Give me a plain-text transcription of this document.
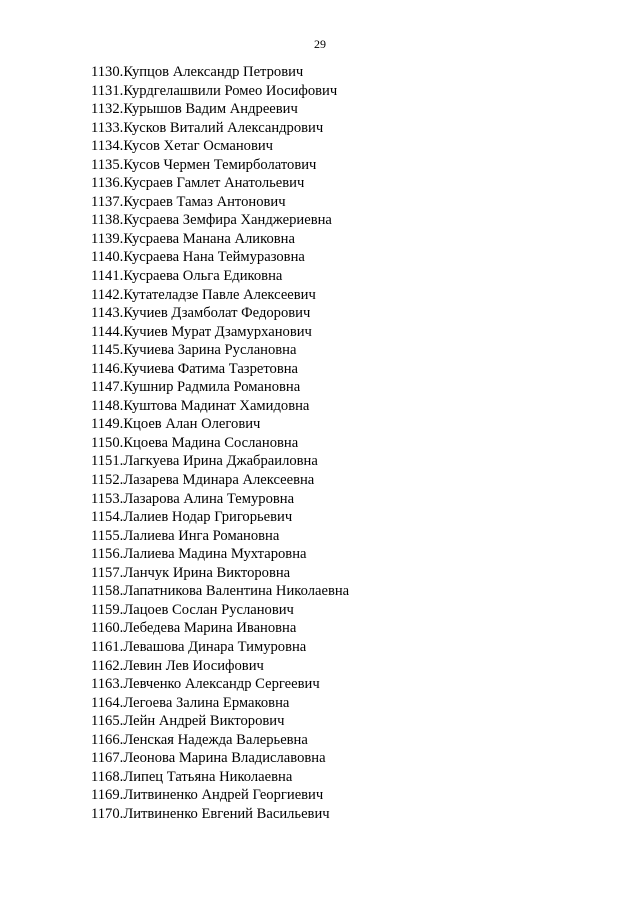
29
1130 . Купцов Александр Петрович
1131 . Курдгелашвили Ромео Иосифович
1132 . Курышов Вадим Андреевич
1133 . Кусков Виталий Александрович
1134 . Кусов Хетаг Османович
1135 . Кусов Чермен Темирболатович
1136 . Кусраев Гамлет Анатольевич
1137 . Кусраев Тамаз Антонович
1138 . Кусраева Земфира Ханджериевна
1139 . Кусраева Манана Аликовна
1140 . Кусраева Нана Теймуразовна
1141 . Кусраева Ольга Едиковна
1142 . Кутателадзе Павле Алексеевич
1143 . Кучиев Дзамболат Федорович
1144 . Кучиев Мурат Дзамурханович
1145 . Кучиева Зарина Руслановна
1146 . Кучиева Фатима Тазретовна
1147 . Кушнир Радмила Романовна
1148 . Куштова Мадинат Хамидовна
1149 . Кцоев Алан Олегович
1150 . Кцоева Мадина Сослановна
1151 . Лагкуева Ирина Джабраиловна
1152 . Лазарева Мдинара Алексеевна
1153 . Лазарова Алина Темуровна
1154 . Лалиев Нодар Григорьевич
1155 . Лалиева Инга Романовна
1156 . Лалиева Мадина Мухтаровна
1157 . Ланчук Ирина Викторовна
1158 . Лапатникова Валентина Николаевна
1159 . Лацоев Сослан Русланович
1160 . Лебедева Марина Ивановна
1161 . Левашова Динара Тимуровна
1162 . Левин Лев Иосифович
1163 . Левченко Александр Сергеевич
1164 . Легоева Залина Ермаковна
1165 . Лейн Андрей Викторович
1166 . Ленская Надежда Валерьевна
1167 . Леонова Марина Владиславовна
1168 . Липец Татьяна Николаевна
1169 . Литвиненко Андрей Георгиевич
1170 . Литвиненко Евгений Васильевич
